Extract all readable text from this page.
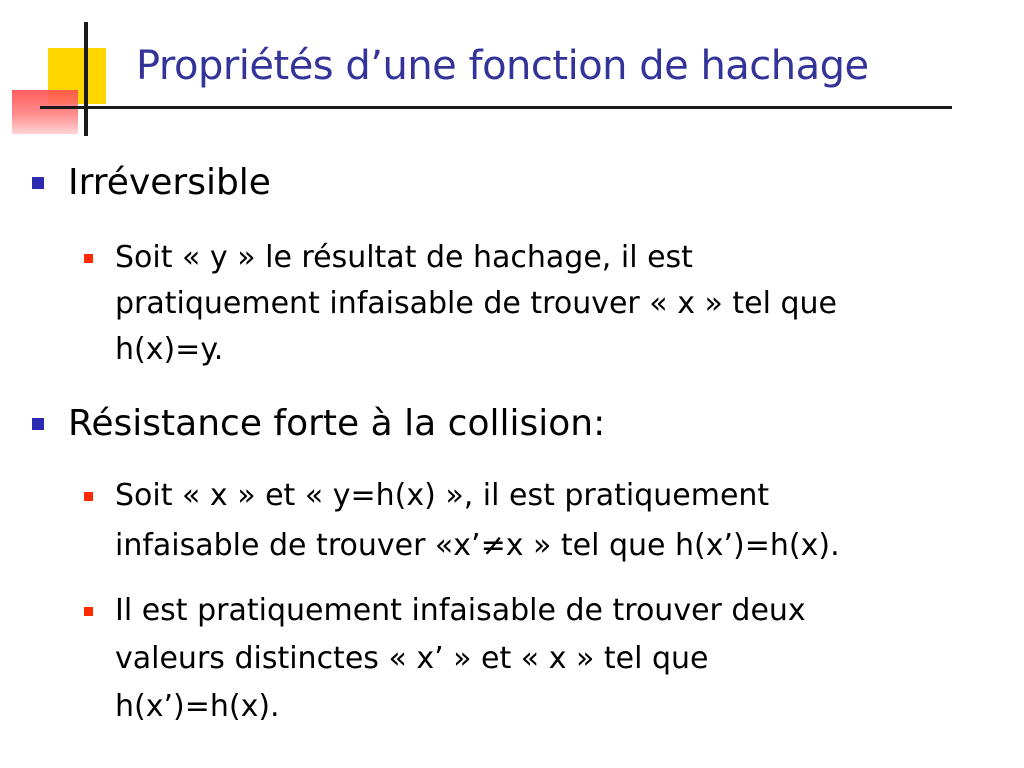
Propriétés d’une fonction de hachage
Irréversible
Soit « y » le résultat de hachage, il est
pratiquement infaisable de trouver « x » tel que
h(x)=y.
Résistance forte à la collision:
Soit « x » et « y=h(x) », il est pratiquement
infaisable de trouver «x’≠x » tel que h(x’)=h(x).
Il est pratiquement infaisable de trouver deux
valeurs distinctes « x’ » et « x » tel que
h(x’)=h(x).
